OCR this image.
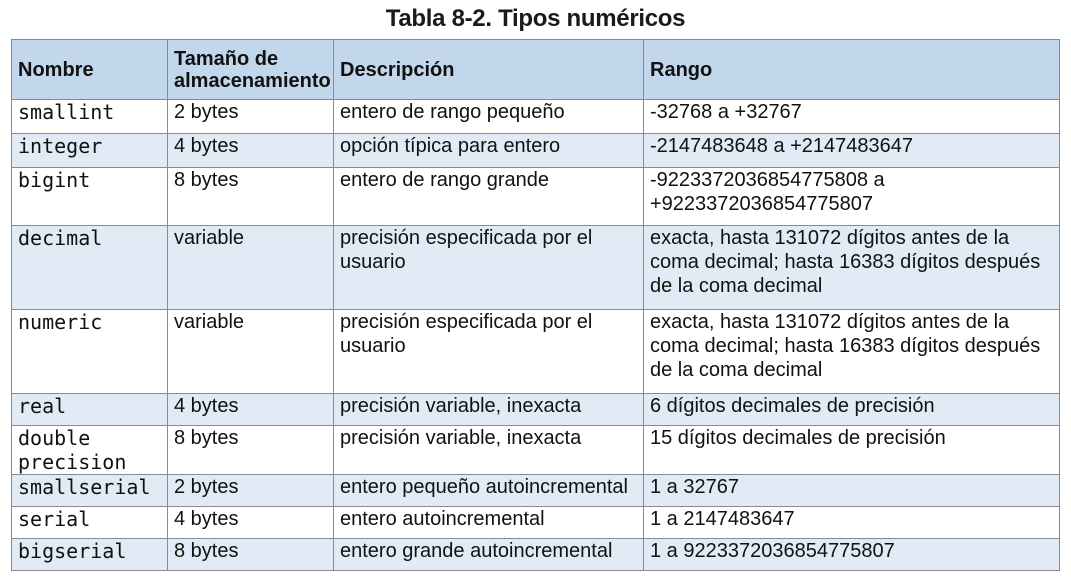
Tabla 8-2. Tipos numéricos
Nombre	Tamaño de almacenamiento	Descripción	Rango
smallint	2 bytes	entero de rango pequeño	-32768 a +32767
integer	4 bytes	opción típica para entero	-2147483648 a +2147483647
bigint	8 bytes	entero de rango grande	-9223372036854775808 a +9223372036854775807
decimal	variable	precisión especificada por el usuario	exacta, hasta 131072 dígitos antes de la coma decimal; hasta 16383 dígitos después de la coma decimal
numeric	variable	precisión especificada por el usuario	exacta, hasta 131072 dígitos antes de la coma decimal; hasta 16383 dígitos después de la coma decimal
real	4 bytes	precisión variable, inexacta	6 dígitos decimales de precisión
double precision	8 bytes	precisión variable, inexacta	15 dígitos decimales de precisión
smallserial	2 bytes	entero pequeño autoincremental	1 a 32767
serial	4 bytes	entero autoincremental	1 a 2147483647
bigserial	8 bytes	entero grande autoincremental	1 a 9223372036854775807
